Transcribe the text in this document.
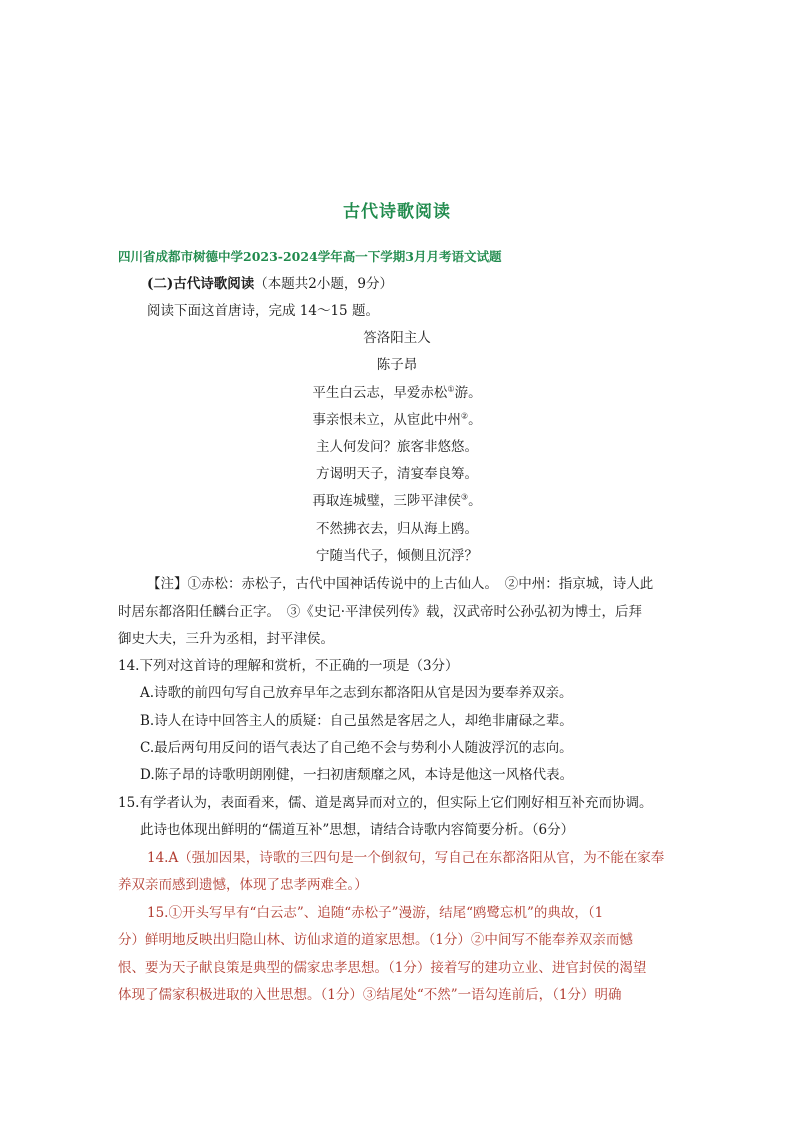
古代诗歌阅读
四川省成都市树德中学2023-2024学年高一下学期3月月考语文试题
(二)古代诗歌阅读（本题共2小题，9分）
阅读下面这首唐诗，完成 14～15 题。
答洛阳主人
陈子昂
平生白云志，早爱赤松①游。
事亲恨未立，从宦此中州②。
主人何发问？旅客非悠悠。
方谒明天子，清宴奉良筹。
再取连城璧，三陟平津侯③。
不然拂衣去，归从海上鸥。
宁随当代子，倾侧且沉浮？
【注】①赤松：赤松子，古代中国神话传说中的上古仙人。　②中州：指京城，诗人此
时居东都洛阳任麟台正字。　③《史记·平津侯列传》载，汉武帝时公孙弘初为博士，后拜
御史大夫，三升为丞相，封平津侯。
14.下列对这首诗的理解和赏析，不正确的一项是（3分）
A.诗歌的前四句写自己放弃早年之志到东都洛阳从官是因为要奉养双亲。
B.诗人在诗中回答主人的质疑：自己虽然是客居之人，却绝非庸碌之辈。
C.最后两句用反问的语气表达了自己绝不会与势利小人随波浮沉的志向。
D.陈子昂的诗歌明朗刚健，一扫初唐颓靡之风，本诗是他这一风格代表。
15.有学者认为，表面看来，儒、道是离异而对立的，但实际上它们刚好相互补充而协调。
此诗也体现出鲜明的“儒道互补”思想，请结合诗歌内容简要分析。（6分）
14.A（强加因果，诗歌的三四句是一个倒叙句，写自己在东都洛阳从官，为不能在家奉
养双亲而感到遗憾，体现了忠孝两难全。）
15.①开头写早有“白云志”、追随“赤松子”漫游，结尾“鸥鹭忘机”的典故，（1
分）鲜明地反映出归隐山林、访仙求道的道家思想。（1分）②中间写不能奉养双亲而憾
恨、要为天子献良策是典型的儒家忠孝思想。（1分）接着写的建功立业、进官封侯的渴望
体现了儒家积极进取的入世思想。（1分）③结尾处“不然”一语勾连前后，（1分）明确
